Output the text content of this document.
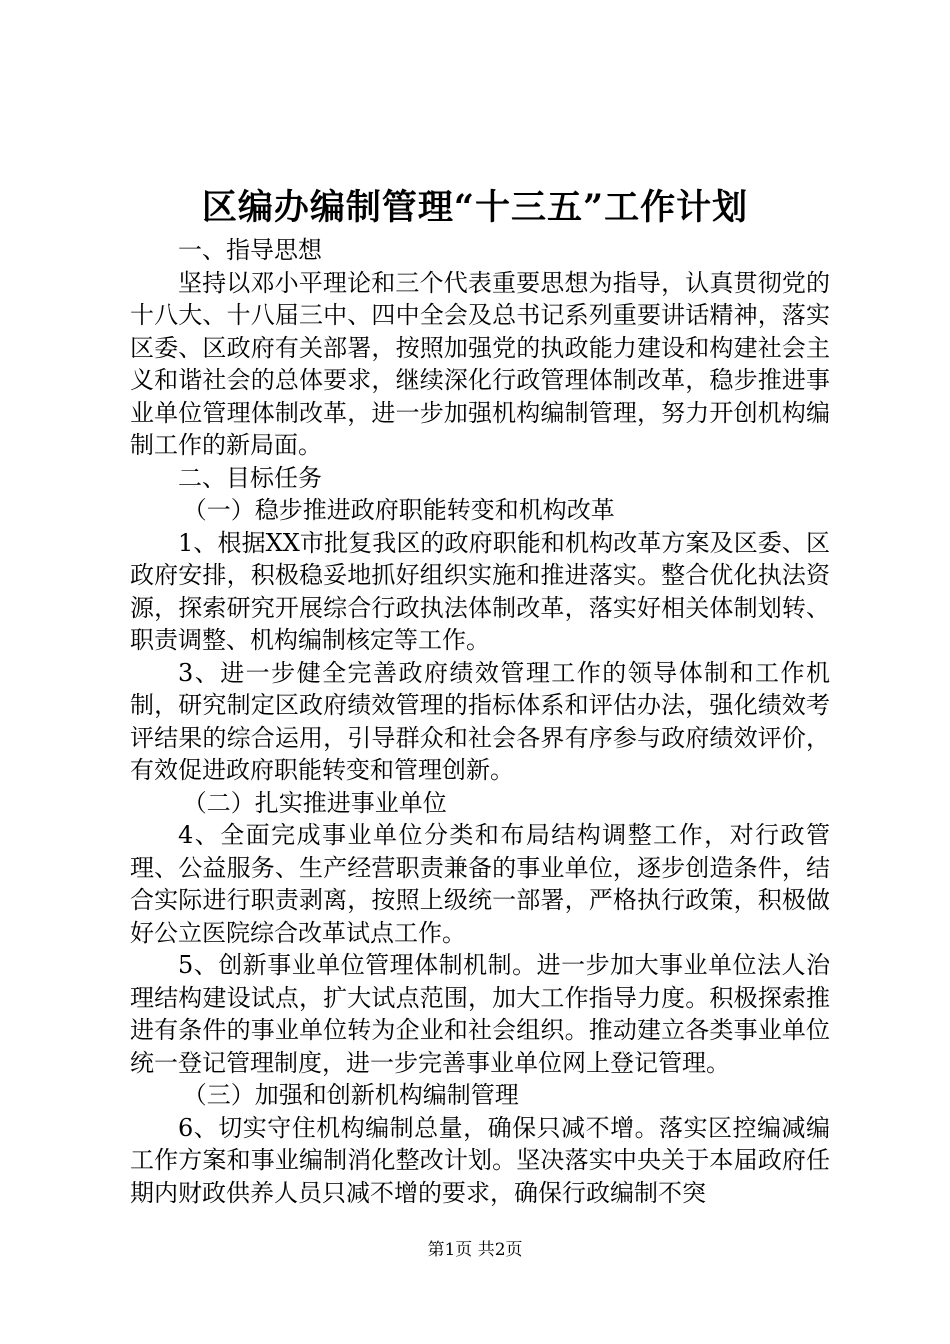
区编办编制管理“十三五”工作计划

一、指导思想

坚持以邓小平理论和三个代表重要思想为指导，认真贯彻党的十八大、十八届三中、四中全会及总书记系列重要讲话精神，落实区委、区政府有关部署，按照加强党的执政能力建设和构建社会主义和谐社会的总体要求，继续深化行政管理体制改革，稳步推进事业单位管理体制改革，进一步加强机构编制管理，努力开创机构编制工作的新局面。

二、目标任务

（一）稳步推进政府职能转变和机构改革

1、根据XX市批复我区的政府职能和机构改革方案及区委、区政府安排，积极稳妥地抓好组织实施和推进落实。整合优化执法资源，探索研究开展综合行政执法体制改革，落实好相关体制划转、职责调整、机构编制核定等工作。

3、进一步健全完善政府绩效管理工作的领导体制和工作机制，研究制定区政府绩效管理的指标体系和评估办法，强化绩效考评结果的综合运用，引导群众和社会各界有序参与政府绩效评价，有效促进政府职能转变和管理创新。

（二）扎实推进事业单位

4、全面完成事业单位分类和布局结构调整工作，对行政管理、公益服务、生产经营职责兼备的事业单位，逐步创造条件，结合实际进行职责剥离，按照上级统一部署，严格执行政策，积极做好公立医院综合改革试点工作。

5、创新事业单位管理体制机制。进一步加大事业单位法人治理结构建设试点，扩大试点范围，加大工作指导力度。积极探索推进有条件的事业单位转为企业和社会组织。推动建立各类事业单位统一登记管理制度，进一步完善事业单位网上登记管理。

（三）加强和创新机构编制管理

6、切实守住机构编制总量，确保只减不增。落实区控编减编工作方案和事业编制消化整改计划。坚决落实中央关于本届政府任期内财政供养人员只减不增的要求，确保行政编制不突

第1页 共2页
